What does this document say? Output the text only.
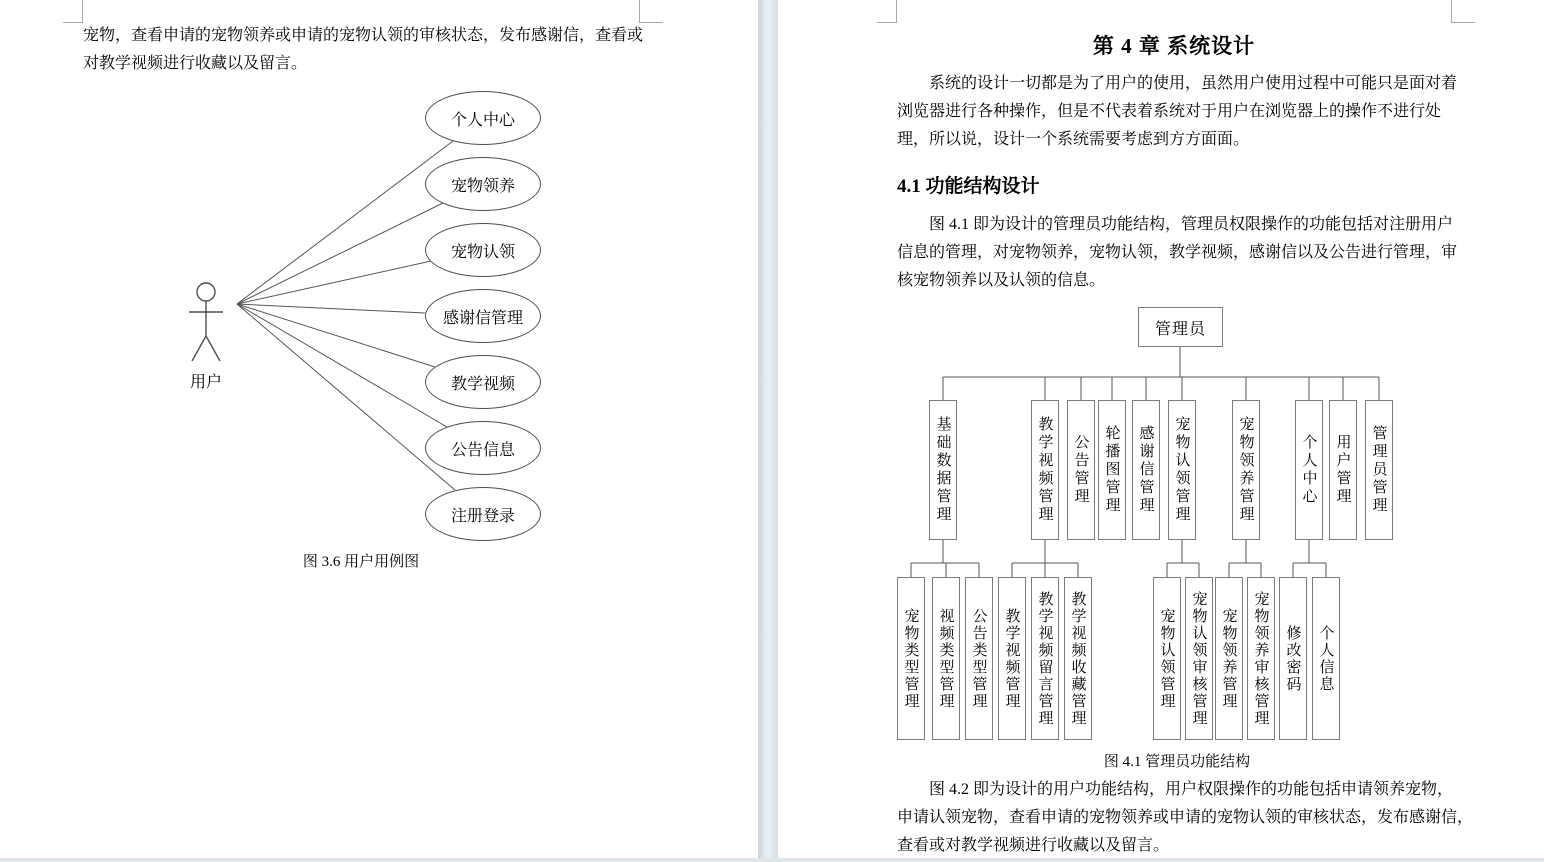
宠物，查看申请的宠物领养或申请的宠物认领的审核状态，发布感谢信，查看或
对教学视频进行收藏以及留言。
用户
个人中心
宠物领养
宠物认领
感谢信管理
教学视频
公告信息
注册登录
图 3.6 用户用例图
第 4 章 系统设计
系统的设计一切都是为了用户的使用，虽然用户使用过程中可能只是面对着
浏览器进行各种操作，但是不代表着系统对于用户在浏览器上的操作不进行处
理，所以说，设计一个系统需要考虑到方方面面。
4.1 功能结构设计
图 4.1 即为设计的管理员功能结构，管理员权限操作的功能包括对注册用户
信息的管理，对宠物领养，宠物认领，教学视频，感谢信以及公告进行管理，审
核宠物领养以及认领的信息。
管理员
基础数据管理	教学视频管理	公告管理	轮播图管理	感谢信管理	宠物认领管理	宠物领养管理	个人中心	用户管理	管理员管理
宠物类型管理	视频类型管理	公告类型管理	教学视频管理	教学视频留言管理	教学视频收藏管理	宠物认领管理	宠物认领审核管理 宠物领养管理	宠物领养审核管理	修改密码	个人信息
图 4.1 管理员功能结构
图 4.2 即为设计的用户功能结构，用户权限操作的功能包括申请领养宠物，
申请认领宠物，查看申请的宠物领养或申请的宠物认领的审核状态，发布感谢信，
查看或对教学视频进行收藏以及留言。
